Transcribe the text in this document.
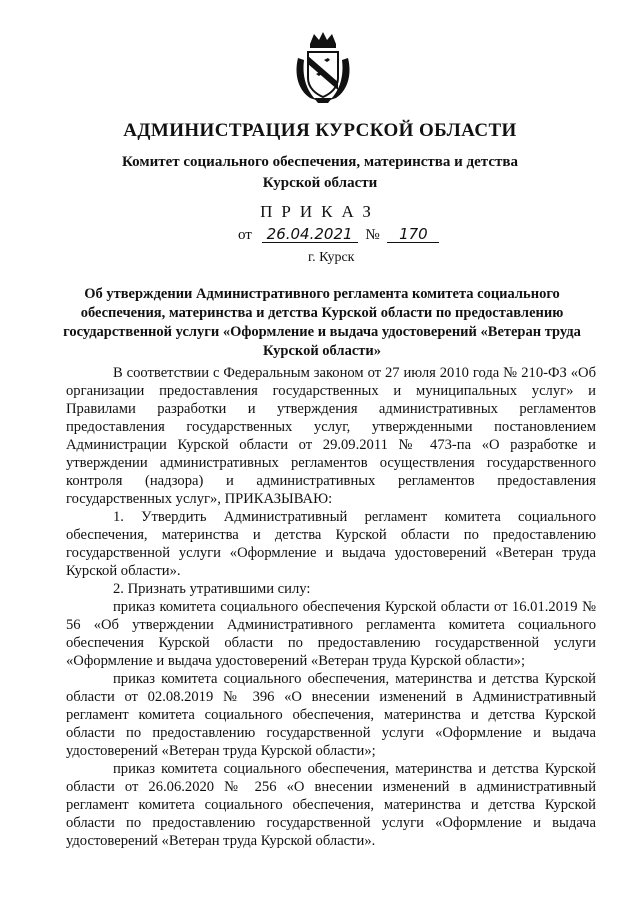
АДМИНИСТРАЦИЯ КУРСКОЙ ОБЛАСТИ
Комитет социального обеспечения, материнства и детства
Курской области
ПРИКАЗ
от 26.04.2021 № 170
г. Курск
Об утверждении Административного регламента комитета социального обеспечения, материнства и детства Курской области по предоставлению государственной услуги «Оформление и выдача удостоверений «Ветеран труда Курской области»

В соответствии с Федеральным законом от 27 июля 2010 года № 210-ФЗ «Об организации предоставления государственных и муниципальных услуг» и Правилами разработки и утверждения административных регламентов предоставления государственных услуг, утвержденными постановлением Администрации Курской области от 29.09.2011 № 473-па «О разработке и утверждении административных регламентов осуществления государственного контроля (надзора) и административных регламентов предоставления государственных услуг», ПРИКАЗЫВАЮ:

1. Утвердить Административный регламент комитета социального обеспечения, материнства и детства Курской области по предоставлению государственной услуги «Оформление и выдача удостоверений «Ветеран труда Курской области».

2. Признать утратившими силу:

приказ комитета социального обеспечения Курской области от 16.01.2019 № 56 «Об утверждении Административного регламента комитета социального обеспечения Курской области по предоставлению государственной услуги «Оформление и выдача удостоверений «Ветеран труда Курской области»;

приказ комитета социального обеспечения, материнства и детства Курской области от 02.08.2019 № 396 «О внесении изменений в Административный регламент комитета социального обеспечения, материнства и детства Курской области по предоставлению государственной услуги «Оформление и выдача удостоверений «Ветеран труда Курской области»;

приказ комитета социального обеспечения, материнства и детства Курской области от 26.06.2020 № 256 «О внесении изменений в административный регламент комитета социального обеспечения, материнства и детства Курской области по предоставлению государственной услуги «Оформление и выдача удостоверений «Ветеран труда Курской области».
